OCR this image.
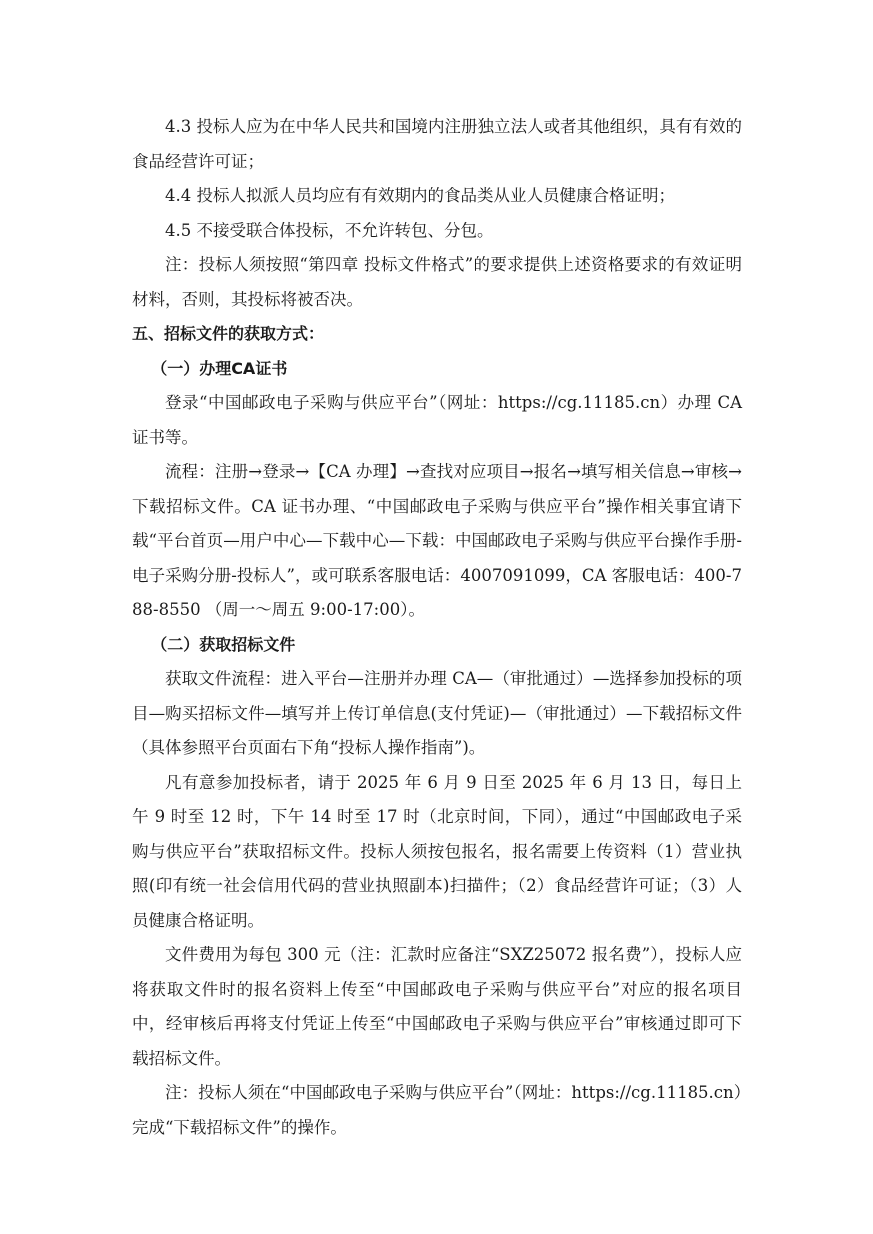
4.3 投标人应为在中华人民共和国境内注册独立法人或者其他组织，具有有效的食品经营许可证；

4.4 投标人拟派人员均应有有效期内的食品类从业人员健康合格证明；

4.5 不接受联合体投标，不允许转包、分包。

注：投标人须按照“第四章 投标文件格式”的要求提供上述资格要求的有效证明材料，否则，其投标将被否决。

五、招标文件的获取方式：

（一）办理CA证书

登录“中国邮政电子采购与供应平台”（网址：https://cg.11185.cn）办理 CA 证书等。

流程：注册→登录→【CA 办理】→查找对应项目→报名→填写相关信息→审核→下载招标文件。CA 证书办理、“中国邮政电子采购与供应平台”操作相关事宜请下载“平台首页—用户中心—下载中心—下载：中国邮政电子采购与供应平台操作手册-电子采购分册-投标人”，或可联系客服电话：4007091099，CA 客服电话：400-788-8550 （周一～周五 9:00-17:00）。

（二）获取招标文件

获取文件流程：进入平台—注册并办理 CA—（审批通过）—选择参加投标的项目—购买招标文件—填写并上传订单信息(支付凭证)—（审批通过）—下载招标文件（具体参照平台页面右下角“投标人操作指南”)。

凡有意参加投标者，请于 2025 年 6 月 9 日至 2025 年 6 月 13 日，每日上午 9 时至 12 时，下午 14 时至 17 时（北京时间，下同），通过“中国邮政电子采购与供应平台”获取招标文件。投标人须按包报名，报名需要上传资料（1）营业执照(印有统一社会信用代码的营业执照副本)扫描件；（2）食品经营许可证；（3）人员健康合格证明。

文件费用为每包 300 元（注：汇款时应备注“SXZ25072 报名费”），投标人应将获取文件时的报名资料上传至“中国邮政电子采购与供应平台”对应的报名项目中，经审核后再将支付凭证上传至“中国邮政电子采购与供应平台”审核通过即可下载招标文件。

注：投标人须在“中国邮政电子采购与供应平台”（网址：https://cg.11185.cn）完成“下载招标文件”的操作。
